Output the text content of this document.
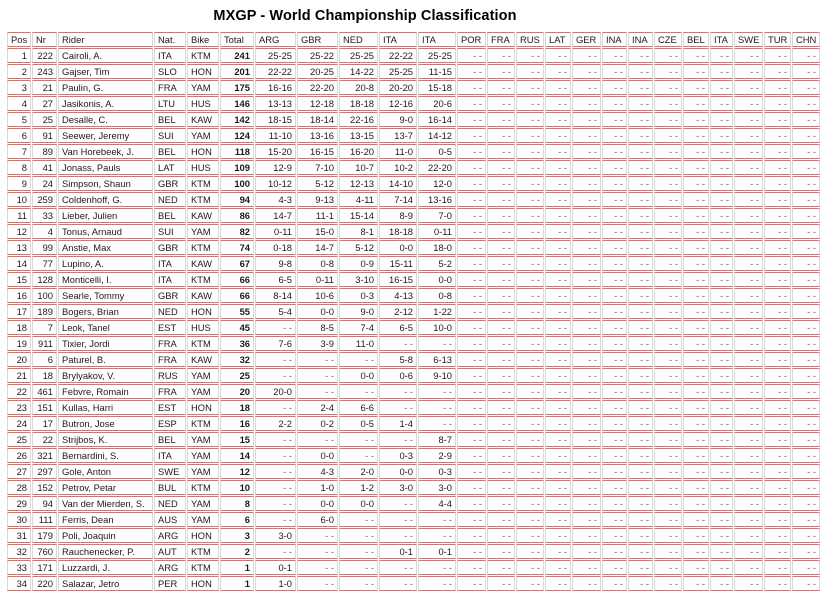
MXGP - World Championship Classification
Pos	Nr	Rider	Nat.	Bike	Total	ARG	GBR	NED	ITA	ITA	POR	FRA	RUS	LAT	GER	INA	INA	CZE	BEL	ITA	SWE	TUR	CHN
1	222	Cairoli, A.	ITA	KTM	241	25-25	25-22	25-25	22-22	25-25	- -	- -	- -	- -	- -	- -	- -	- -	- -	- -	- -	- -	- -
2	243	Gajser, Tim	SLO	HON	201	22-22	20-25	14-22	25-25	11-15	- -	- -	- -	- -	- -	- -	- -	- -	- -	- -	- -	- -	- -
3	21	Paulin, G.	FRA	YAM	175	16-16	22-20	20-8	20-20	15-18	- -	- -	- -	- -	- -	- -	- -	- -	- -	- -	- -	- -	- -
4	27	Jasikonis, A.	LTU	HUS	146	13-13	12-18	18-18	12-16	20-6	- -	- -	- -	- -	- -	- -	- -	- -	- -	- -	- -	- -	- -
5	25	Desalle, C.	BEL	KAW	142	18-15	18-14	22-16	9-0	16-14	- -	- -	- -	- -	- -	- -	- -	- -	- -	- -	- -	- -	- -
6	91	Seewer, Jeremy	SUI	YAM	124	11-10	13-16	13-15	13-7	14-12	- -	- -	- -	- -	- -	- -	- -	- -	- -	- -	- -	- -	- -
7	89	Van Horebeek, J.	BEL	HON	118	15-20	16-15	16-20	11-0	0-5	- -	- -	- -	- -	- -	- -	- -	- -	- -	- -	- -	- -	- -
8	41	Jonass, Pauls	LAT	HUS	109	12-9	7-10	10-7	10-2	22-20	- -	- -	- -	- -	- -	- -	- -	- -	- -	- -	- -	- -	- -
9	24	Simpson, Shaun	GBR	KTM	100	10-12	5-12	12-13	14-10	12-0	- -	- -	- -	- -	- -	- -	- -	- -	- -	- -	- -	- -	- -
10	259	Coldenhoff, G.	NED	KTM	94	4-3	9-13	4-11	7-14	13-16	- -	- -	- -	- -	- -	- -	- -	- -	- -	- -	- -	- -	- -
11	33	Lieber, Julien	BEL	KAW	86	14-7	11-1	15-14	8-9	7-0	- -	- -	- -	- -	- -	- -	- -	- -	- -	- -	- -	- -	- -
12	4	Tonus, Arnaud	SUI	YAM	82	0-11	15-0	8-1	18-18	0-11	- -	- -	- -	- -	- -	- -	- -	- -	- -	- -	- -	- -	- -
13	99	Anstie, Max	GBR	KTM	74	0-18	14-7	5-12	0-0	18-0	- -	- -	- -	- -	- -	- -	- -	- -	- -	- -	- -	- -	- -
14	77	Lupino, A.	ITA	KAW	67	9-8	0-8	0-9	15-11	5-2	- -	- -	- -	- -	- -	- -	- -	- -	- -	- -	- -	- -	- -
15	128	Monticelli, I.	ITA	KTM	66	6-5	0-11	3-10	16-15	0-0	- -	- -	- -	- -	- -	- -	- -	- -	- -	- -	- -	- -	- -
16	100	Searle, Tommy	GBR	KAW	66	8-14	10-6	0-3	4-13	0-8	- -	- -	- -	- -	- -	- -	- -	- -	- -	- -	- -	- -	- -
17	189	Bogers, Brian	NED	HON	55	5-4	0-0	9-0	2-12	1-22	- -	- -	- -	- -	- -	- -	- -	- -	- -	- -	- -	- -	- -
18	7	Leok, Tanel	EST	HUS	45	- -	8-5	7-4	6-5	10-0	- -	- -	- -	- -	- -	- -	- -	- -	- -	- -	- -	- -	- -
19	911	Tixier, Jordi	FRA	KTM	36	7-6	3-9	11-0	- -	- -	- -	- -	- -	- -	- -	- -	- -	- -	- -	- -	- -	- -	- -
20	6	Paturel, B.	FRA	KAW	32	- -	- -	- -	5-8	6-13	- -	- -	- -	- -	- -	- -	- -	- -	- -	- -	- -	- -	- -
21	18	Brylyakov, V.	RUS	YAM	25	- -	- -	0-0	0-6	9-10	- -	- -	- -	- -	- -	- -	- -	- -	- -	- -	- -	- -	- -
22	461	Febvre, Romain	FRA	YAM	20	20-0	- -	- -	- -	- -	- -	- -	- -	- -	- -	- -	- -	- -	- -	- -	- -	- -	- -
23	151	Kullas, Harri	EST	HON	18	- -	2-4	6-6	- -	- -	- -	- -	- -	- -	- -	- -	- -	- -	- -	- -	- -	- -	- -
24	17	Butron, Jose	ESP	KTM	16	2-2	0-2	0-5	1-4	- -	- -	- -	- -	- -	- -	- -	- -	- -	- -	- -	- -	- -	- -
25	22	Strijbos, K.	BEL	YAM	15	- -	- -	- -	- -	8-7	- -	- -	- -	- -	- -	- -	- -	- -	- -	- -	- -	- -	- -
26	321	Bernardini, S.	ITA	YAM	14	- -	0-0	- -	0-3	2-9	- -	- -	- -	- -	- -	- -	- -	- -	- -	- -	- -	- -	- -
27	297	Gole, Anton	SWE	YAM	12	- -	4-3	2-0	0-0	0-3	- -	- -	- -	- -	- -	- -	- -	- -	- -	- -	- -	- -	- -
28	152	Petrov, Petar	BUL	KTM	10	- -	1-0	1-2	3-0	3-0	- -	- -	- -	- -	- -	- -	- -	- -	- -	- -	- -	- -	- -
29	94	Van der Mierden, S.	NED	YAM	8	- -	0-0	0-0	- -	4-4	- -	- -	- -	- -	- -	- -	- -	- -	- -	- -	- -	- -	- -
30	111	Ferris, Dean	AUS	YAM	6	- -	6-0	- -	- -	- -	- -	- -	- -	- -	- -	- -	- -	- -	- -	- -	- -	- -	- -
31	179	Poli, Joaquin	ARG	HON	3	3-0	- -	- -	- -	- -	- -	- -	- -	- -	- -	- -	- -	- -	- -	- -	- -	- -	- -
32	760	Rauchenecker, P.	AUT	KTM	2	- -	- -	- -	0-1	0-1	- -	- -	- -	- -	- -	- -	- -	- -	- -	- -	- -	- -	- -
33	171	Luzzardi, J.	ARG	KTM	1	0-1	- -	- -	- -	- -	- -	- -	- -	- -	- -	- -	- -	- -	- -	- -	- -	- -	- -
34	220	Salazar, Jetro	PER	HON	1	1-0	- -	- -	- -	- -	- -	- -	- -	- -	- -	- -	- -	- -	- -	- -	- -	- -	- -
